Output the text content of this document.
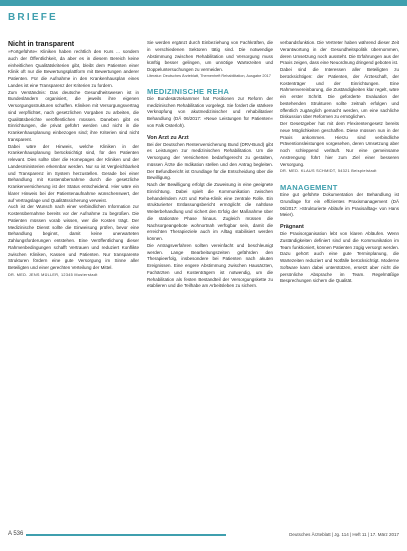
BRIEFE

Nicht in transparent

»Fortgeführte« Kliniken haben rechtlich den Kurs ... sondern auch der Öffentlichkeit, da aber es in diesem Bereich keine einheitlichen Qualitätskriterien gibt, bleibt dem Patienten einer Klinik oft nur die Bewertungsplattform mit Bewertungen anderer Patienten. Für die Aufnahme in den Krankenhausplan eines Landes ist eine Transparenz der Kriterien zu fordern.

Zum Verständnis: Das deutsche Gesundheitswesen ist in Bundesländern organisiert, die jeweils ihre eigenen Versorgungsstrukturen schaffen. Kliniken mit Versorgungsvertrag sind verpflichtet, nach gesetzlichen Vorgaben zu arbeiten, die Qualitätsberichte veröffentlichen müssen. Daneben gibt es Einrichtungen, die privat geführt werden und nicht in die Krankenhausplanung einbezogen sind; ihre Kriterien sind nicht transparent.

Dabei wäre der Hinweis, welche Kliniken in der Krankenhausplanung berücksichtigt sind, für den Patienten relevant. Dies sollte über die Homepages der Kliniken und der Landesministerien erkennbar werden. Nur so ist Vergleichbarkeit und Transparenz im System herzustellen. Gerade bei einer Behandlung mit Kostenübernahme durch die gesetzliche Krankenversicherung ist der Status entscheidend. Hier wäre ein klarer Hinweis bei der Patientenaufnahme wünschenswert, der auf Vertragslage und Qualitätssicherung verweist.

Auch ist der Wunsch nach einer verbindlichen Information zur Kostenübernahme bereits vor der Aufnahme zu begrüßen. Die Patienten müssen vorab wissen, wer die Kosten trägt. Der Medizinische Dienst sollte die Einweisung prüfen, bevor eine Behandlung beginnt, damit keine unerwarteten Zahlungsforderungen entstehen. Eine Veröffentlichung dieser Rahmenbedingungen schafft Vertrauen und reduziert Konflikte zwischen Kliniken, Kassen und Patienten. Nur transparente Strukturen fördern eine gute Versorgung im Sinne aller Beteiligten und einer gerechten Verteilung der Mittel.

DR. MED. JENS MÜLLER, 12345 Musterstadt

Sie werden ergänzt durch Einbeziehung von Fachkräften, die in verschiedenen Sektoren tätig sind. Die notwendige Abstimmung zwischen Rehabilitation und Versorgung muss künftig besser gelingen, um unnötige Wartezeiten und Doppeluntersuchungen zu vermeiden.

Literatur: Deutsches Ärzteblatt, Themenheft Rehabilitation, Ausgabe 2017

MEDIZINISCHE REHA

Die Bundesärztekammer hat Positionen zur Reform der medizinischen Rehabilitation vorgelegt. Sie fordert die stärkere Verknüpfung von akutmedizinischer und rehabilitativer Behandlung (DÄ 06/2017: »Neue Leistungen für Patienten« von Falk Osterloh).

Von Arzt zu Arzt

Bei der Deutschen Rentenversicherung Bund (DRV-Bund) gibt es Leistungen zur medizinischen Rehabilitation. Um die Versorgung der Versicherten bedarfsgerecht zu gestalten, müssen Ärzte die Indikation stellen und den Antrag begleiten. Der Befundbericht ist Grundlage für die Entscheidung über die Bewilligung.

Nach der Bewilligung erfolgt die Zuweisung in eine geeignete Einrichtung. Dabei spielt die Kommunikation zwischen behandelndem Arzt und Reha-Klinik eine zentrale Rolle. Ein strukturierter Entlassungsbericht ermöglicht die nahtlose Weiterbehandlung und sichert den Erfolg der Maßnahme über die stationäre Phase hinaus. Zugleich müssen die Nachsorgeangebote wohnortnah verfügbar sein, damit die erreichten Therapieziele auch im Alltag stabilisiert werden können.

Die Antragsverfahren sollten vereinfacht und beschleunigt werden. Lange Bearbeitungszeiten gefährden den Therapieerfolg, insbesondere bei Patienten nach akuten Ereignissen. Eine engere Abstimmung zwischen Hausärzten, Fachärzten und Kostenträgern ist notwendig, um die Rehabilitation als festen Bestandteil der Versorgungskette zu etablieren und die Teilhabe am Arbeitsleben zu sichern.

verbandsfunktion. Die Vertreter haben während dieser Zeit Verantwortung in der Gesundheitspolitik übernommen, deren Umsetzung noch aussteht. Die Erfahrungen aus der Praxis zeigen, dass eine Neuordnung dringend geboten ist.

Dabei sind die Interessen aller Beteiligten zu berücksichtigen: der Patienten, der Ärzteschaft, der Kostenträger und der Einrichtungen. Eine Rahmenvereinbarung, die Zuständigkeiten klar regelt, wäre ein erster Schritt. Die geforderte Evaluation der bestehenden Strukturen sollte zeitnah erfolgen und öffentlich zugänglich gemacht werden, um eine sachliche Diskussion über Reformen zu ermöglichen.

Der Gesetzgeber hat mit dem Flexirentengesetz bereits neue Möglichkeiten geschaffen. Diese müssen nun in der Praxis ankommen. Hierzu sind verbindliche Präventionsleistungen vorgesehen, deren Umsetzung aber noch schleppend verläuft. Nur eine gemeinsame Anstrengung führt hier zum Ziel einer besseren Versorgung.

DR. MED. KLAUS SCHMIDT, 54321 Beispielstadt

MANAGEMENT

Eine gut geführte Dokumentation der Behandlung ist Grundlage für ein effizientes Praxismanagement (DÄ 06/2017: »Strukturierte Abläufe im Praxisalltag« von Hans Meier).

Prägnant

Die Praxisorganisation lebt von klaren Abläufen. Wenn Zuständigkeiten definiert sind und die Kommunikation im Team funktioniert, können Patienten zügig versorgt werden. Dazu gehört auch eine gute Terminplanung, die Wartezeiten reduziert und Notfälle berücksichtigt. Moderne Software kann dabei unterstützen, ersetzt aber nicht die persönliche Absprache im Team. Regelmäßige Besprechungen sichern die Qualität.

A 536	Deutsches Ärzteblatt | Jg. 114 | Heft 11 | 17. März 2017
